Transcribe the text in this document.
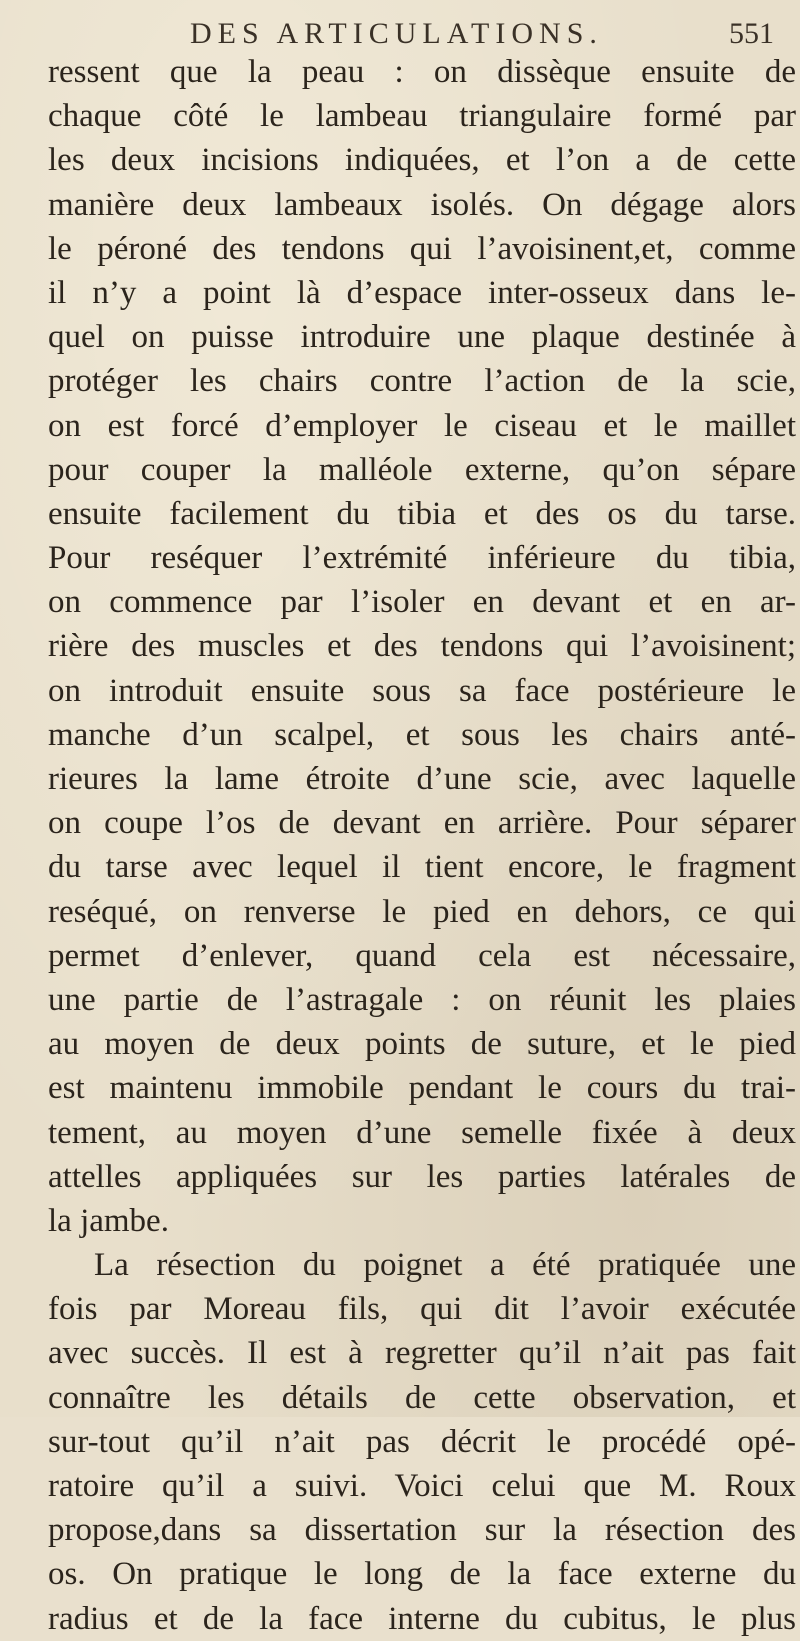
DES ARTICULATIONS.	551
ressent que la peau : on dissèque ensuite de
chaque côté le lambeau triangulaire formé par
les deux incisions indiquées, et l’on a de cette
manière deux lambeaux isolés. On dégage alors
le péroné des tendons qui l’avoisinent,et, comme
il n’y a point là d’espace inter-osseux dans le-
quel on puisse introduire une plaque destinée à
protéger les chairs contre l’action de la scie,
on est forcé d’employer le ciseau et le maillet
pour couper la malléole externe, qu’on sépare
ensuite facilement du tibia et des os du tarse.
Pour reséquer l’extrémité inférieure du tibia,
on commence par l’isoler en devant et en ar-
rière des muscles et des tendons qui l’avoisinent;
on introduit ensuite sous sa face postérieure le
manche d’un scalpel, et sous les chairs anté-
rieures la lame étroite d’une scie, avec laquelle
on coupe l’os de devant en arrière. Pour séparer
du tarse avec lequel il tient encore, le fragment
reséqué, on renverse le pied en dehors, ce qui
permet d’enlever, quand cela est nécessaire,
une partie de l’astragale : on réunit les plaies
au moyen de deux points de suture, et le pied
est maintenu immobile pendant le cours du trai-
tement, au moyen d’une semelle fixée à deux
attelles appliquées sur les parties latérales de
la jambe.
La résection du poignet a été pratiquée une
fois par Moreau fils, qui dit l’avoir exécutée
avec succès. Il est à regretter qu’il n’ait pas fait
connaître les détails de cette observation, et
sur-tout qu’il n’ait pas décrit le procédé opé-
ratoire qu’il a suivi. Voici celui que M. Roux
propose,dans sa dissertation sur la résection des
os. On pratique le long de la face externe du
radius et de la face interne du cubitus, le plus
